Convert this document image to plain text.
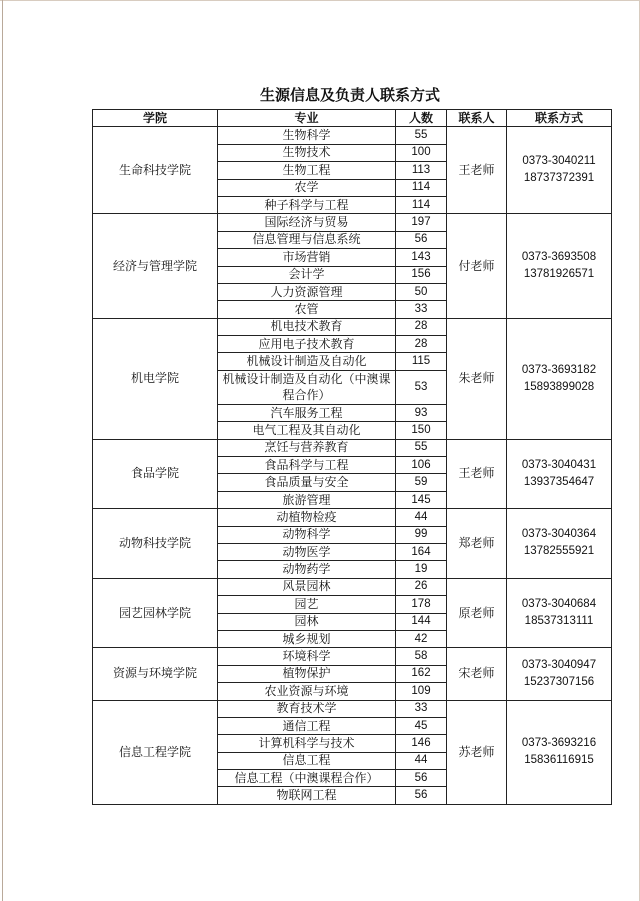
生源信息及负责人联系方式
学院	专业	人数	联系人	联系方式
生命科技学院	生物科学	55	王老师	0373-3040211
18737372391

	生物技术	100		
	生物工程	113		
	农学	114		
	种子科学与工程	114		
经济与管理学院	国际经济与贸易	197	付老师	0373-3693508
13781926571

	信息管理与信息系统	56		
	市场营销	143		
	会计学	156		
	人力资源管理	50		
	农管	33		
机电学院	机电技术教育	28	朱老师	0373-3693182
15893899028

	应用电子技术教育	28		
	机械设计制造及自动化	115		
	机械设计制造及自动化（中澳课程合作）	53		
	汽车服务工程	93		
	电气工程及其自动化	150		
食品学院	烹饪与营养教育	55	王老师	0373-3040431
13937354647

	食品科学与工程	106		
	食品质量与安全	59		
	旅游管理	145		
动物科技学院	动植物检疫	44	郑老师	0373-3040364
13782555921

	动物科学	99		
	动物医学	164		
	动物药学	19		
园艺园林学院	风景园林	26	原老师	0373-3040684
18537313111

	园艺	178		
	园林	144		
	城乡规划	42		
资源与环境学院	环境科学	58	宋老师	0373-3040947
15237307156

	植物保护	162		
	农业资源与环境	109		
信息工程学院	教育技术学	33	苏老师	0373-3693216
15836116915

	通信工程	45		
	计算机科学与技术	146		
	信息工程	44		
	信息工程（中澳课程合作）	56		
	物联网工程	56		
